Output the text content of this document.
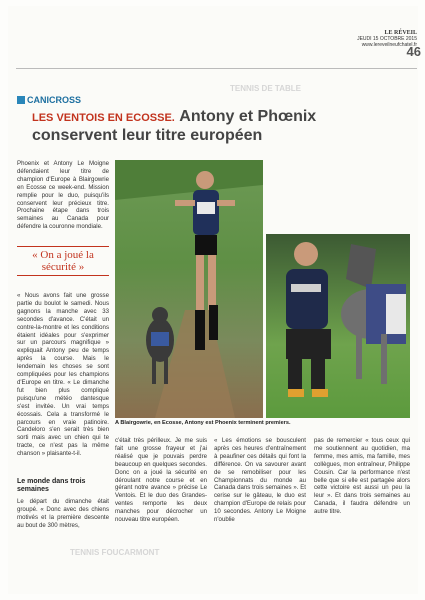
LE RÉVEIL
JEUDI 15 OCTOBRE 2015
www.lereveilneufchatel.fr
46
TENNIS DE TABLE
TENNIS FOUCARMONT
CANICROSS
LES VENTOIS EN ECOSSE. Antony et Phœnix conservent leur titre européen
Phoenix et Antony Le Moigne défendaient leur titre de champion d'Europe à Blairgowrie en Ecosse ce week-end. Mission remplie pour le duo, puisqu'ils conservent leur précieux titre. Prochaine étape dans trois semaines au Canada pour défendre la couronne mondiale.
« On a joué la sécurité »
« Nous avons fait une grosse partie du boulot le samedi. Nous gagnons la manche avec 33 secondes d'avance. C'était un contre-la-montre et les conditions étaient idéales pour s'exprimer sur un parcours magnifique » expliquait Antony peu de temps après la course. Mais le lendemain les choses se sont compliquées pour les champions d'Europe en titre. « Le dimanche fut bien plus compliqué puisqu'une météo dantesque s'est invitée. Un vrai temps écossais. Cela a transformé le parcours en vraie patinoire. Candeloro s'en serait très bien sorti mais avec un chien qui te tracte, ce n'est pas la même chanson » plaisante-t-il.
Le monde dans trois semaines
Le départ du dimanche était groupé. « Donc avec des chiens motivés et la première descente au bout de 300 mètres,
A Blairgowrie, en Ecosse, Antony est Phoenix terminent premiers.
c'était très périlleux. Je me suis fait une grosse frayeur et j'ai réalisé que je pouvais perdre beaucoup en quelques secondes. Donc on a joué la sécurité en déroulant notre course et en gérant notre avance » précise Le Ventois. Et le duo des Grandes-ventes remporte les deux manches pour décrocher un nouveau titre européen.
« Les émotions se bousculent après ces heures d'entraînement à peaufiner ces détails qui font la différence. On va savourer avant de se remobiliser pour les Championnats du monde au Canada dans trois semaines ». Et cerise sur le gâteau, le duo est champion d'Europe de relais pour 10 secondes. Antony Le Moigne n'oublie
pas de remercier « tous ceux qui me soutiennent au quotidien, ma femme, mes amis, ma famille, mes collègues, mon entraîneur, Philippe Cousin. Car la performance n'est belle que si elle est partagée alors cette victoire est aussi un peu la leur ». Et dans trois semaines au Canada, il faudra défendre un autre titre.
